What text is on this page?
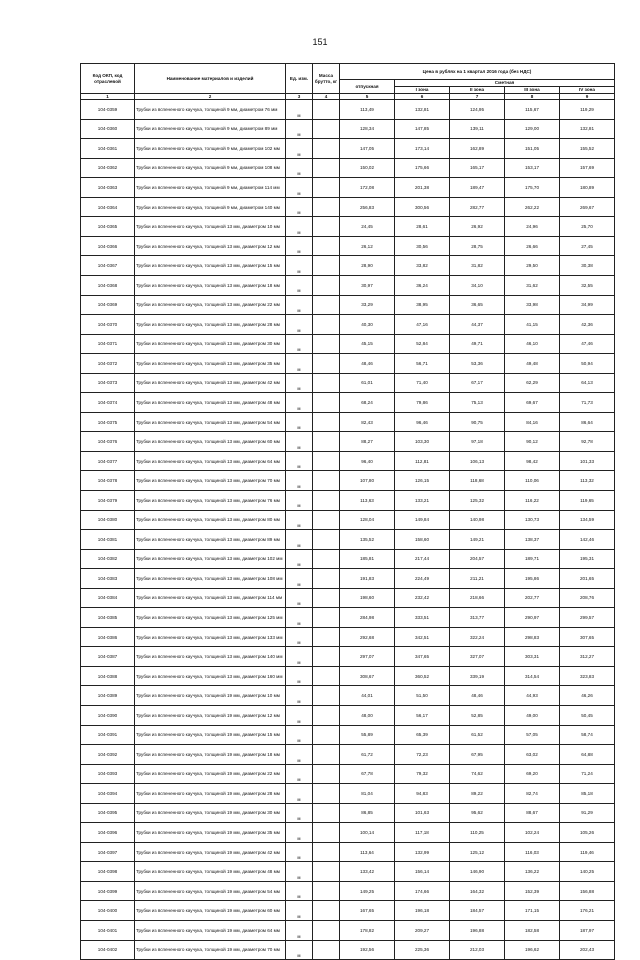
151
Код ОКП, код отраслевой	Наименование материалов и изделий	Ед. изм.	Масса брутто, кг	Цена в рублях на 1 квартал 2016 года (без НДС)				
				отпускная	Сметная			
					I зона	II зона	III зона	IV зона
1	2	3	4	5	6	7	8	9
104-0359	Трубки из вспененного каучука, толщиной 9 мм, диаметром 76 мм	м		113,49	132,81	124,95	115,67	119,29
104-0360	Трубки из вспененного каучука, толщиной 9 мм, диаметром 89 мм	м		128,34	147,85	139,11	129,00	132,81
104-0361	Трубки из вспененного каучука, толщиной 9 мм, диаметром 102 мм	м		147,05	173,14	162,89	151,05	155,52
104-0362	Трубки из вспененного каучука, толщиной 9 мм, диаметром 108 мм	м		150,02	175,66	165,17	153,17	157,69
104-0363	Трубки из вспененного каучука, толщиной 9 мм, диаметром 114 мм	м		172,08	201,38	189,47	175,70	180,89
104-0364	Трубки из вспененного каучука, толщиной 9 мм, диаметром 140 мм	м		256,83	300,56	282,77	262,22	269,67
104-0365	Трубки из вспененного каучука, толщиной 13 мм, диаметром 10 мм	м		24,45	28,61	26,92	24,96	25,70
104-0366	Трубки из вспененного каучука, толщиной 13 мм, диаметром 12 мм	м		26,12	30,56	28,75	26,66	27,45
104-0367	Трубки из вспененного каучука, толщиной 13 мм, диаметром 15 мм	м		28,90	33,82	31,82	29,50	30,38
104-0368	Трубки из вспененного каучука, толщиной 13 мм, диаметром 18 мм	м		30,97	36,24	34,10	31,62	32,55
104-0369	Трубки из вспененного каучука, толщиной 13 мм, диаметром 22 мм	м		33,29	38,95	36,65	33,98	34,99
104-0370	Трубки из вспененного каучука, толщиной 13 мм, диаметром 28 мм	м		40,30	47,16	44,37	41,15	42,36
104-0371	Трубки из вспененного каучука, толщиной 13 мм, диаметром 30 мм	м		45,15	52,84	49,71	46,10	47,46
104-0372	Трубки из вспененного каучука, толщиной 13 мм, диаметром 35 мм	м		48,46	56,71	53,36	49,48	50,94
104-0373	Трубки из вспененного каучука, толщиной 13 мм, диаметром 42 мм	м		61,01	71,40	67,17	62,29	64,13
104-0374	Трубки из вспененного каучука, толщиной 13 мм, диаметром 48 мм	м		68,24	79,86	75,13	69,67	71,73
104-0375	Трубки из вспененного каучука, толщиной 13 мм, диаметром 54 мм	м		82,43	96,46	90,75	84,16	86,64
104-0376	Трубки из вспененного каучука, толщиной 13 мм, диаметром 60 мм	м		88,27	103,30	97,18	90,12	92,78
104-0377	Трубки из вспененного каучука, толщиной 13 мм, диаметром 64 мм	м		96,40	112,81	106,13	98,42	101,33
104-0378	Трубки из вспененного каучука, толщиной 13 мм, диаметром 70 мм	м		107,80	126,15	118,68	110,06	113,32
104-0379	Трубки из вспененного каучука, толщиной 13 мм, диаметром 76 мм	м		113,63	133,21	125,32	116,22	119,65
104-0380	Трубки из вспененного каучука, толщиной 13 мм, диаметром 80 мм	м		128,04	149,84	140,98	130,73	134,59
104-0381	Трубки из вспененного каучука, толщиной 13 мм, диаметром 89 мм	м		135,52	158,60	149,21	138,37	142,46
104-0382	Трубки из вспененного каучука, толщиной 13 мм, диаметром 102 мм	м		185,81	217,44	204,57	189,71	195,31
104-0383	Трубки из вспененного каучука, толщиной 13 мм, диаметром 108 мм	м		191,83	224,49	211,21	195,86	201,65
104-0384	Трубки из вспененного каучука, толщиной 13 мм, диаметром 114 мм	м		198,60	232,42	218,66	202,77	208,76
104-0385	Трубки из вспененного каучука, толщиной 13 мм, диаметром 125 мм	м		284,98	333,51	313,77	290,97	299,57
104-0386	Трубки из вспененного каучука, толщиной 13 мм, диаметром 133 мм	м		292,68	342,51	322,24	298,83	307,65
104-0387	Трубки из вспененного каучука, толщиной 13 мм, диаметром 140 мм	м		297,07	347,65	327,07	303,31	312,27
104-0388	Трубки из вспененного каучука, толщиной 13 мм, диаметром 160 мм	м		308,67	360,52	339,19	314,54	323,83
104-0389	Трубки из вспененного каучука, толщиной 19 мм, диаметром 10 мм	м		44,01	51,50	48,46	44,93	46,26
104-0390	Трубки из вспененного каучука, толщиной 19 мм, диаметром 12 мм	м		48,00	56,17	52,85	49,00	50,45
104-0391	Трубки из вспененного каучука, толщиной 19 мм, диаметром 15 мм	м		55,89	65,39	61,52	57,05	58,74
104-0392	Трубки из вспененного каучука, толщиной 19 мм, диаметром 18 мм	м		61,72	72,23	67,95	63,02	64,88
104-0393	Трубки из вспененного каучука, толщиной 19 мм, диаметром 22 мм	м		67,78	79,32	74,62	69,20	71,24
104-0394	Трубки из вспененного каучука, толщиной 19 мм, диаметром 28 мм	м		81,04	94,83	89,22	82,74	85,18
104-0395	Трубки из вспененного каучука, толщиной 19 мм, диаметром 30 мм	м		86,85	101,63	95,62	88,67	91,29
104-0396	Трубки из вспененного каучука, толщиной 19 мм, диаметром 35 мм	м		100,14	117,18	110,25	102,24	105,26
104-0397	Трубки из вспененного каучука, толщиной 19 мм, диаметром 42 мм	м		113,64	132,99	125,12	116,03	119,46
104-0398	Трубки из вспененного каучука, толщиной 19 мм, диаметром 48 мм	м		133,42	156,14	146,90	136,22	140,25
104-0399	Трубки из вспененного каучука, толщиной 19 мм, диаметром 54 мм	м		149,25	174,66	164,32	152,39	156,88
104-0400	Трубки из вспененного каучука, толщиной 19 мм, диаметром 60 мм	м		167,65	196,18	184,57	171,15	176,21
104-0401	Трубки из вспененного каучука, толщиной 19 мм, диаметром 64 мм	м		178,82	209,27	196,88	182,58	187,97
104-0402	Трубки из вспененного каучука, толщиной 19 мм, диаметром 70 мм	м		192,56	225,36	212,03	196,62	202,43
